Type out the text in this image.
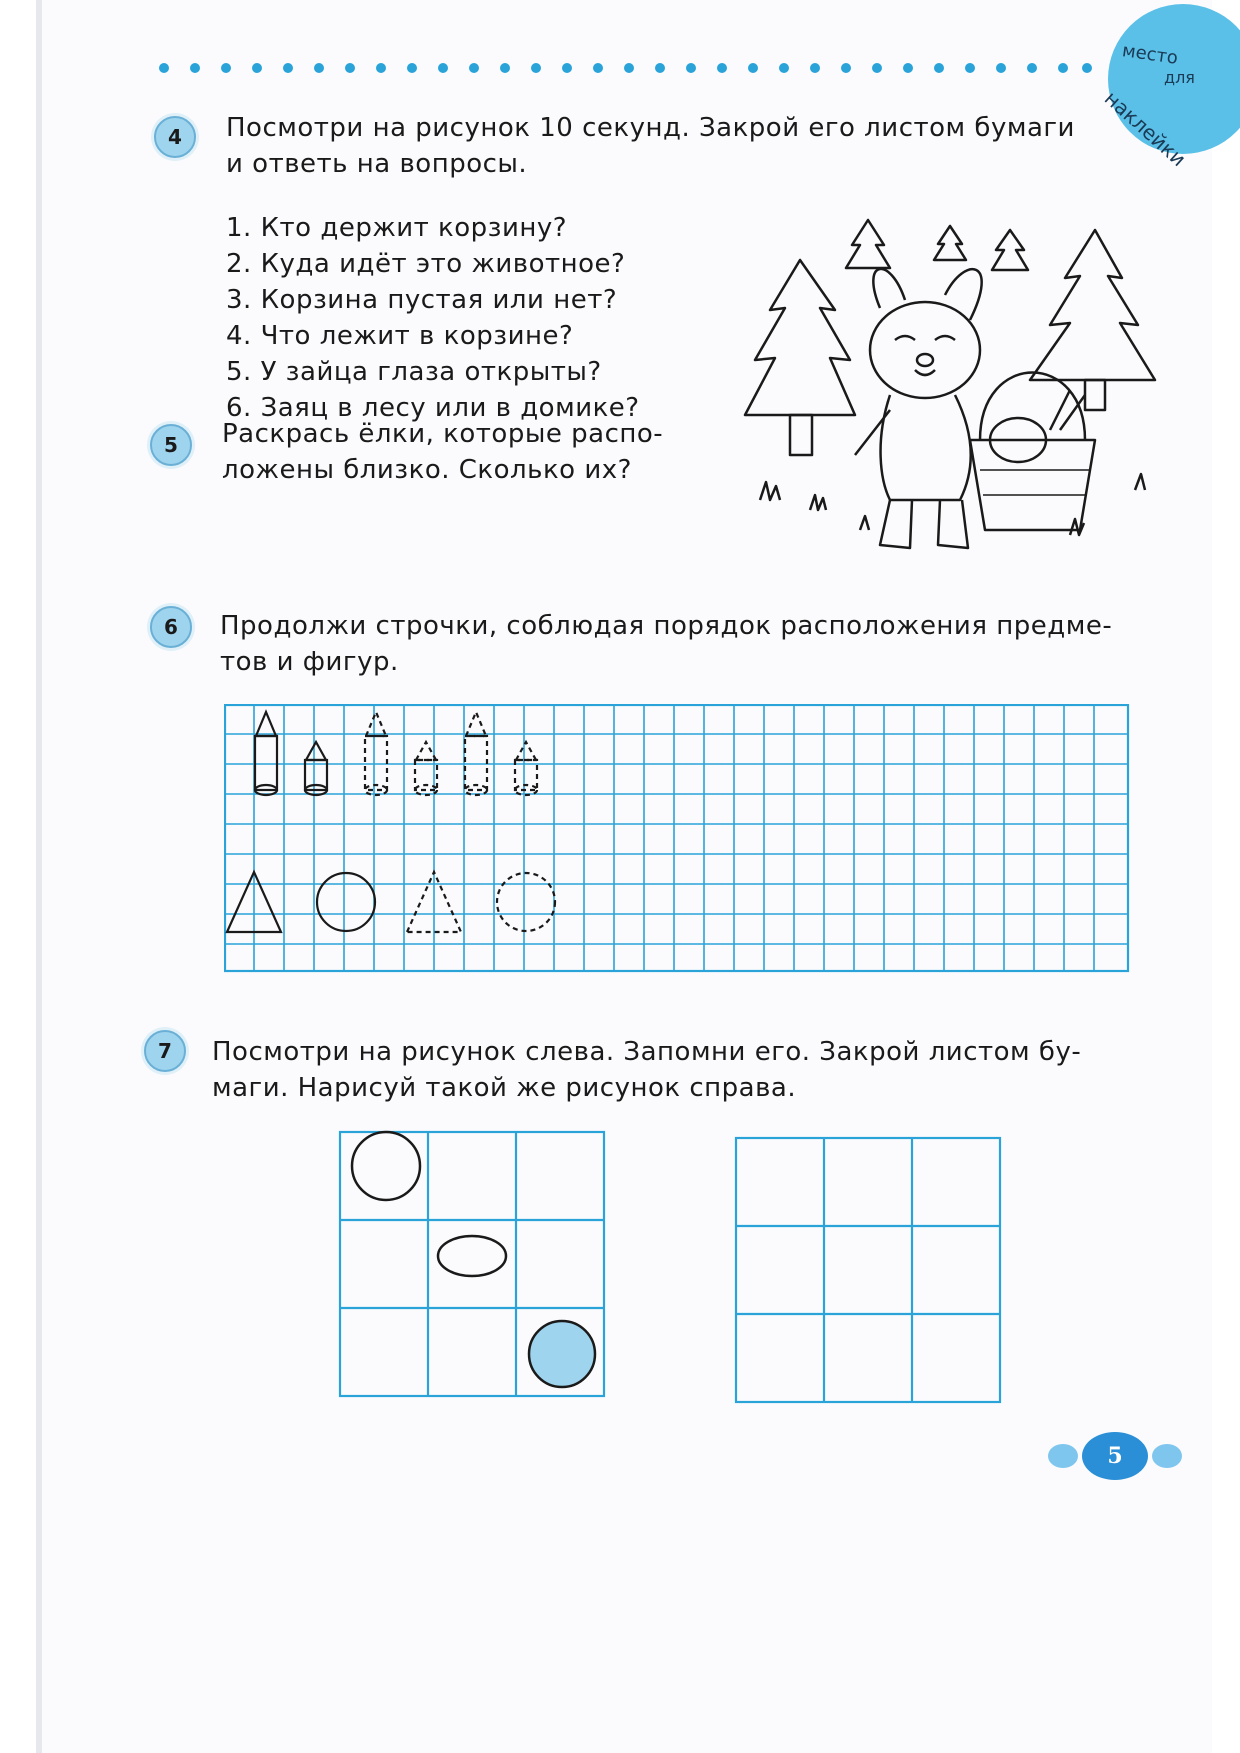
место
для
наклейки
4	Посмотри на рисунок 10 секунд. Закрой его листом бумаги
и ответь на вопросы.
1. Кто держит корзину?
2. Куда идёт это животное?
3. Корзина пустая или нет?
4. Что лежит в корзине?
5. У зайца глаза открыты?
6. Заяц в лесу или в домике?
5	Раскрась ёлки, которые распо-
ложены близко. Сколько их?
6	Продолжи строчки, соблюдая порядок расположения предме-
тов и фигур.
7	Посмотри на рисунок слева. Запомни его. Закрой листом бу-
маги. Нарисуй такой же рисунок справа.
5
